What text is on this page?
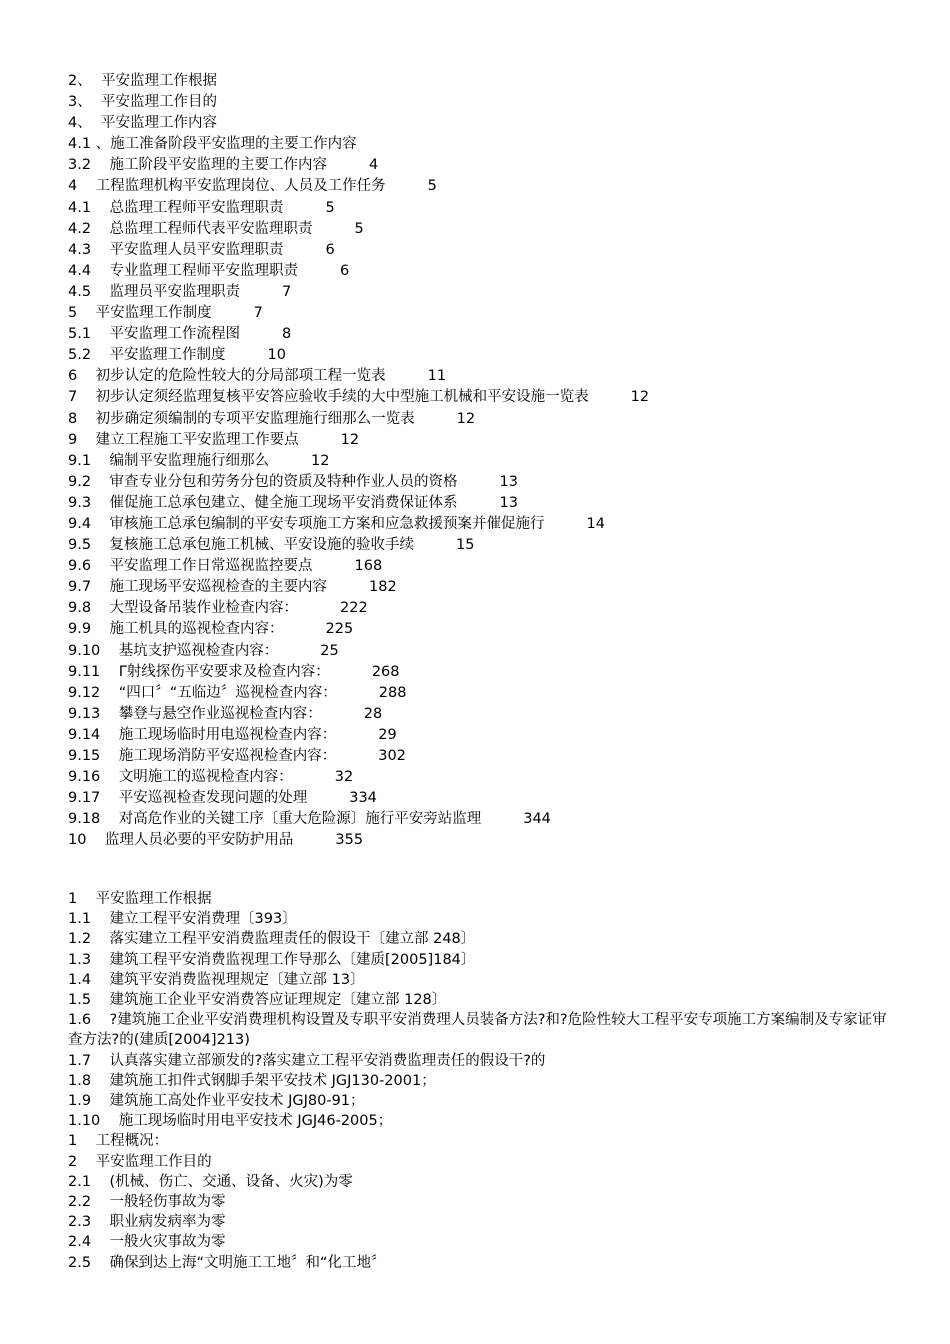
2、  平安监理工作根据
3、  平安监理工作目的
4、  平安监理工作内容
4.1 、施工准备阶段平安监理的主要工作内容
3.2    施工阶段平安监理的主要工作内容	4
4    工程监理机构平安监理岗位、人员及工作任务	5
4.1    总监理工程师平安监理职责	5
4.2    总监理工程师代表平安监理职责	5
4.3    平安监理人员平安监理职责	6
4.4    专业监理工程师平安监理职责	6
4.5    监理员平安监理职责	7
5    平安监理工作制度	7
5.1    平安监理工作流程图	8
5.2    平安监理工作制度	10
6    初步认定的危险性较大的分局部项工程一览表	11
7    初步认定须经监理复核平安答应验收手续的大中型施工机械和平安设施一览表	12
8    初步确定须编制的专项平安监理施行细那么一览表	12
9    建立工程施工平安监理工作要点	12
9.1    编制平安监理施行细那么	12
9.2    审查专业分包和劳务分包的资质及特种作业人员的资格	13
9.3    催促施工总承包建立、健全施工现场平安消费保证体系	13
9.4    审核施工总承包编制的平安专项施工方案和应急救援预案并催促施行	14
9.5    复核施工总承包施工机械、平安设施的验收手续	15
9.6    平安监理工作日常巡视监控要点	168
9.7    施工现场平安巡视检查的主要内容	182
9.8    大型设备吊装作业检查内容：	222
9.9    施工机具的巡视检查内容：	225
9.10    基坑支护巡视检查内容：	25
9.11    Γ射线探伤平安要求及检查内容：	268
9.12    “四口〞“五临边〞巡视检查内容：	288
9.13    攀登与悬空作业巡视检查内容：	28
9.14    施工现场临时用电巡视检查内容：	29
9.15    施工现场消防平安巡视检查内容：	302
9.16    文明施工的巡视检查内容：	32
9.17    平安巡视检查发现问题的处理	334
9.18    对高危作业的关键工序〔重大危险源〕施行平安旁站监理	344
10    监理人员必要的平安防护用品	355
1    平安监理工作根据
1.1    建立工程平安消费理〔393〕
1.2    落实建立工程平安消费监理责任的假设干〔建立部 248〕
1.3    建筑工程平安消费监视理工作导那么〔建质[2005]184〕
1.4    建筑平安消费监视理规定〔建立部 13〕
1.5    建筑施工企业平安消费答应证理规定〔建立部 128〕
1.6    ?建筑施工企业平安消费理机构设置及专职平安消费理人员装备方法?和?危险性较大工程平安专项施工方案编制及专家证审查方法?的(建质[2004]213)
1.7    认真落实建立部颁发的?落实建立工程平安消费监理责任的假设干?的
1.8    建筑施工扣件式钢脚手架平安技术 JGJ130-2001；
1.9    建筑施工高处作业平安技术 JGJ80-91；
1.10    施工现场临时用电平安技术 JGJ46-2005；
1    工程概况：
2    平安监理工作目的
2.1    (机械、伤亡、交通、设备、火灾)为零
2.2    一般轻伤事故为零
2.3    职业病发病率为零
2.4    一般火灾事故为零
2.5    确保到达上海“文明施工工地〞和“化工地〞
